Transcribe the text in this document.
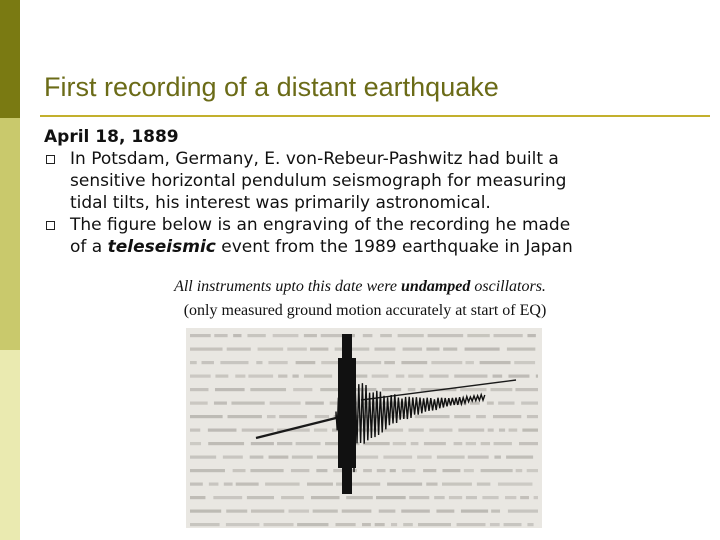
First recording of a distant earthquake
April 18, 1889
In Potsdam, Germany, E. von-Rebeur-Pashwitz had built a
sensitive horizontal pendulum seismograph for measuring
tidal tilts, his interest was primarily astronomical.
The figure below is an engraving of the recording he made
of a teleseismic event from the 1989 earthquake in Japan
All instruments upto this date were undamped oscillators.
(only measured ground motion accurately at start of EQ)
